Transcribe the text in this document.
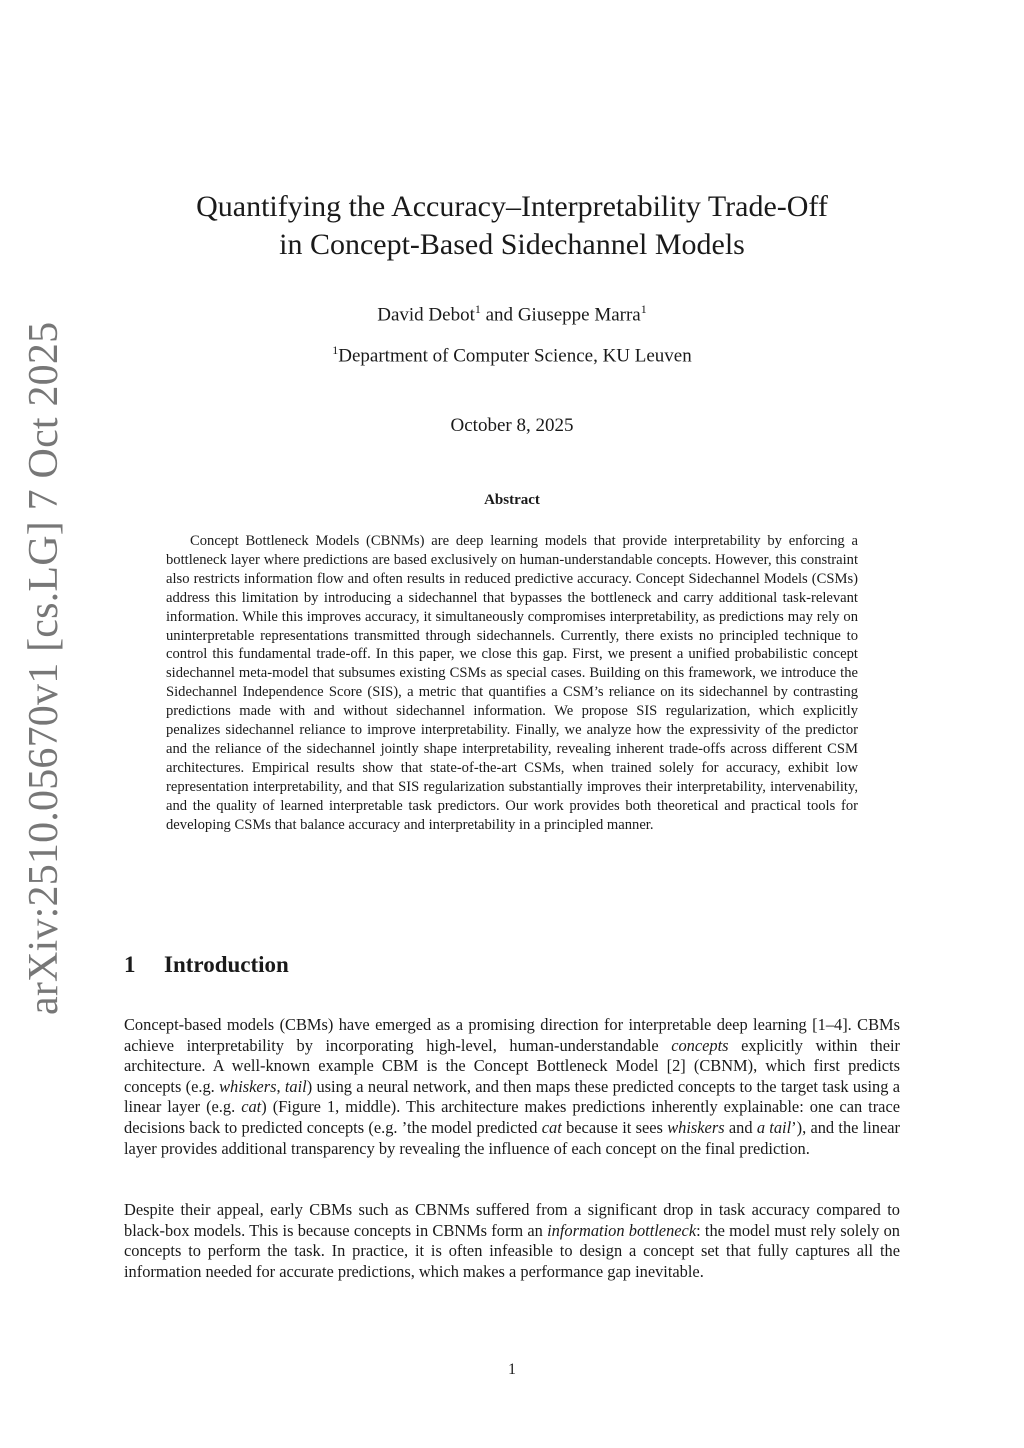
arXiv:2510.05670v1 [cs.LG] 7 Oct 2025
Quantifying the Accuracy–Interpretability Trade-Off
in Concept-Based Sidechannel Models
David Debot$^1$ and Giuseppe Marra$^1$
$^1$Department of Computer Science, KU Leuven
October 8, 2025
Abstract

Concept Bottleneck Models (CBNMs) are deep learning models that provide interpretability by enforcing a bottleneck layer where predictions are based exclusively on human-understandable concepts. However, this constraint also restricts information flow and often results in reduced predictive accuracy. Concept Sidechannel Models (CSMs) address this limitation by introducing a sidechannel that bypasses the bottleneck and carry additional task-relevant information. While this improves accuracy, it simultaneously compromises interpretability, as predictions may rely on uninterpretable representations transmitted through sidechannels. Currently, there exists no principled technique to control this fundamental trade-off. In this paper, we close this gap. First, we present a unified probabilistic concept sidechannel meta-model that subsumes existing CSMs as special cases. Building on this framework, we introduce the Sidechannel Independence Score (SIS), a metric that quantifies a CSM’s reliance on its sidechannel by contrasting predictions made with and without sidechannel information. We propose SIS regularization, which explicitly penalizes sidechannel reliance to improve interpretability. Finally, we analyze how the expressivity of the predictor and the reliance of the sidechannel jointly shape interpretability, revealing inherent trade-offs across different CSM architectures. Empirical results show that state-of-the-art CSMs, when trained solely for accuracy, exhibit low representation interpretability, and that SIS regularization substantially improves their interpretability, intervenability, and the quality of learned interpretable task predictors. Our work provides both theoretical and practical tools for developing CSMs that balance accuracy and interpretability in a principled manner.

1 Introduction

Concept-based models (CBMs) have emerged as a promising direction for interpretable deep learning [1–4]. CBMs achieve interpretability by incorporating high-level, human-understandable concepts explicitly within their architecture. A well-known example CBM is the Concept Bottleneck Model [2] (CBNM), which first predicts concepts (e.g. whiskers, tail) using a neural network, and then maps these predicted concepts to the target task using a linear layer (e.g. cat) (Figure 1, middle). This architecture makes predictions inherently explainable: one can trace decisions back to predicted concepts (e.g. ’the model predicted cat because it sees whiskers and a tail’), and the linear layer provides additional transparency by revealing the influence of each concept on the final prediction.

Despite their appeal, early CBMs such as CBNMs suffered from a significant drop in task accuracy compared to black-box models. This is because concepts in CBNMs form an information bottleneck: the model must rely solely on concepts to perform the task. In practice, it is often infeasible to design a concept set that fully captures all the information needed for accurate predictions, which makes a performance gap inevitable.

1
